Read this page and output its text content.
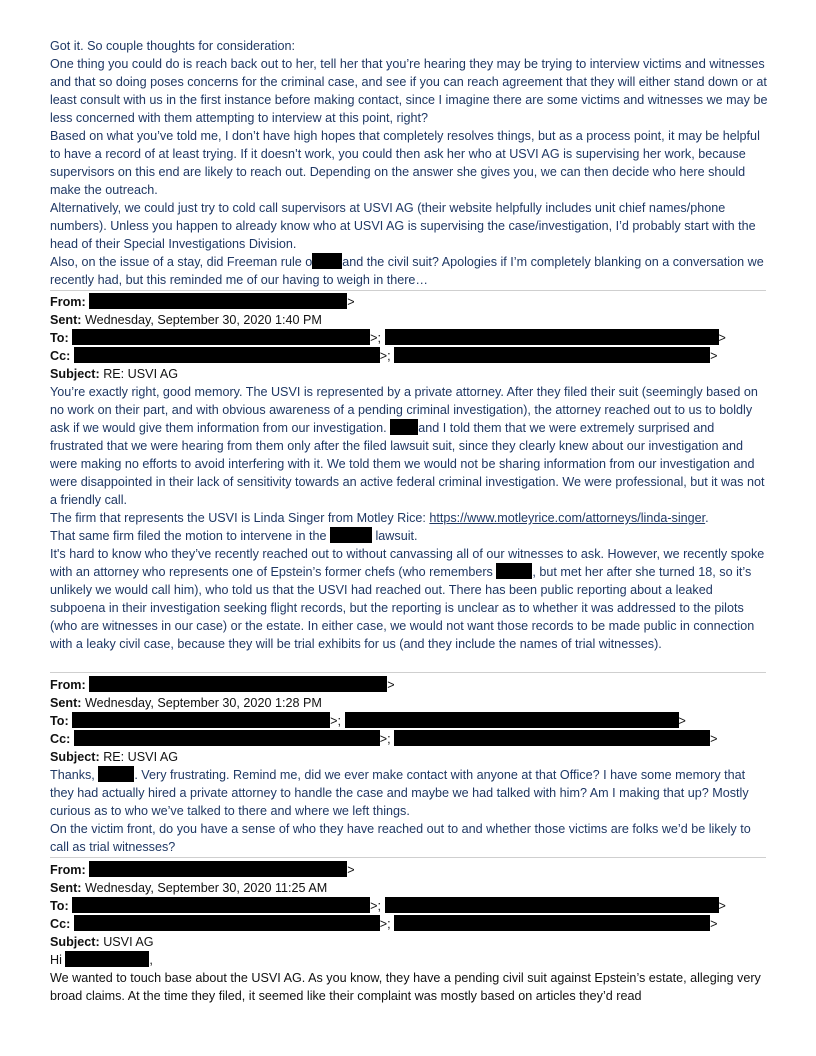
Got it. So couple thoughts for consideration:

One thing you could do is reach back out to her, tell her that you’re hearing they may be trying to interview victims and witnesses and that so doing poses concerns for the criminal case, and see if you can reach agreement that they will either stand down or at least consult with us in the first instance before making contact, since I imagine there are some victims and witnesses we may be less concerned with them attempting to interview at this point, right?

Based on what you’ve told me, I don’t have high hopes that completely resolves things, but as a process point, it may be helpful to have a record of at least trying. If it doesn’t work, you could then ask her who at USVI AG is supervising her work, because supervisors on this end are likely to reach out. Depending on the answer she gives you, we can then decide who here should make the outreach.

Alternatively, we could just try to cold call supervisors at USVI AG (their website helpfully includes unit chief names/phone numbers). Unless you happen to already know who at USVI AG is supervising the case/investigation, I’d probably start with the head of their Special Investigations Division.

Also, on the issue of a stay, did Freeman rule o and the civil suit? Apologies if I’m completely blanking on a conversation we recently had, but this reminded me of our having to weigh in there…

From:	>
Sent: Wednesday, September 30, 2020 1:40 PM
To:	>;	>
Cc:	>;	>
Subject: RE: USVI AG

You’re exactly right, good memory. The USVI is represented by a private attorney. After they filed their suit (seemingly based on no work on their part, and with obvious awareness of a pending criminal investigation), the attorney reached out to us to boldly ask if we would give them information from our investigation.	and I told them that we were extremely surprised and frustrated that we were hearing from them only after the filed lawsuit suit, since they clearly knew about our investigation and were making no efforts to avoid interfering with it. We told them we would not be sharing information from our investigation and were disappointed in their lack of sensitivity towards an active federal criminal investigation. We were professional, but it was not a friendly call.

The firm that represents the USVI is Linda Singer from Motley Rice: https://www.motleyrice.com/attorneys/linda-singer.

That same firm filed the motion to intervene in the	lawsuit.

It's hard to know who they’ve recently reached out to without canvassing all of our witnesses to ask. However, we recently spoke with an attorney who represents one of Epstein’s former chefs (who remembers	, but met her after she turned 18, so it’s unlikely we would call him), who told us that the USVI had reached out. There has been public reporting about a leaked subpoena in their investigation seeking flight records, but the reporting is unclear as to whether it was addressed to the pilots (who are witnesses in our case) or the estate. In either case, we would not want those records to be made public in connection with a leaky civil case, because they will be trial exhibits for us (and they include the names of trial witnesses).

From:	>
Sent: Wednesday, September 30, 2020 1:28 PM
To:	>;	>
Cc:	>;	>
Subject: RE: USVI AG

Thanks,	. Very frustrating. Remind me, did we ever make contact with anyone at that Office? I have some memory that they had actually hired a private attorney to handle the case and maybe we had talked with him? Am I making that up? Mostly curious as to who we’ve talked to there and where we left things.

On the victim front, do you have a sense of who they have reached out to and whether those victims are folks we’d be likely to call as trial witnesses?

From:	>
Sent: Wednesday, September 30, 2020 11:25 AM
To:	>;	>
Cc:	>;	>
Subject: USVI AG

Hi	,

We wanted to touch base about the USVI AG. As you know, they have a pending civil suit against Epstein’s estate, alleging very broad claims. At the time they filed, it seemed like their complaint was mostly based on articles they’d read
